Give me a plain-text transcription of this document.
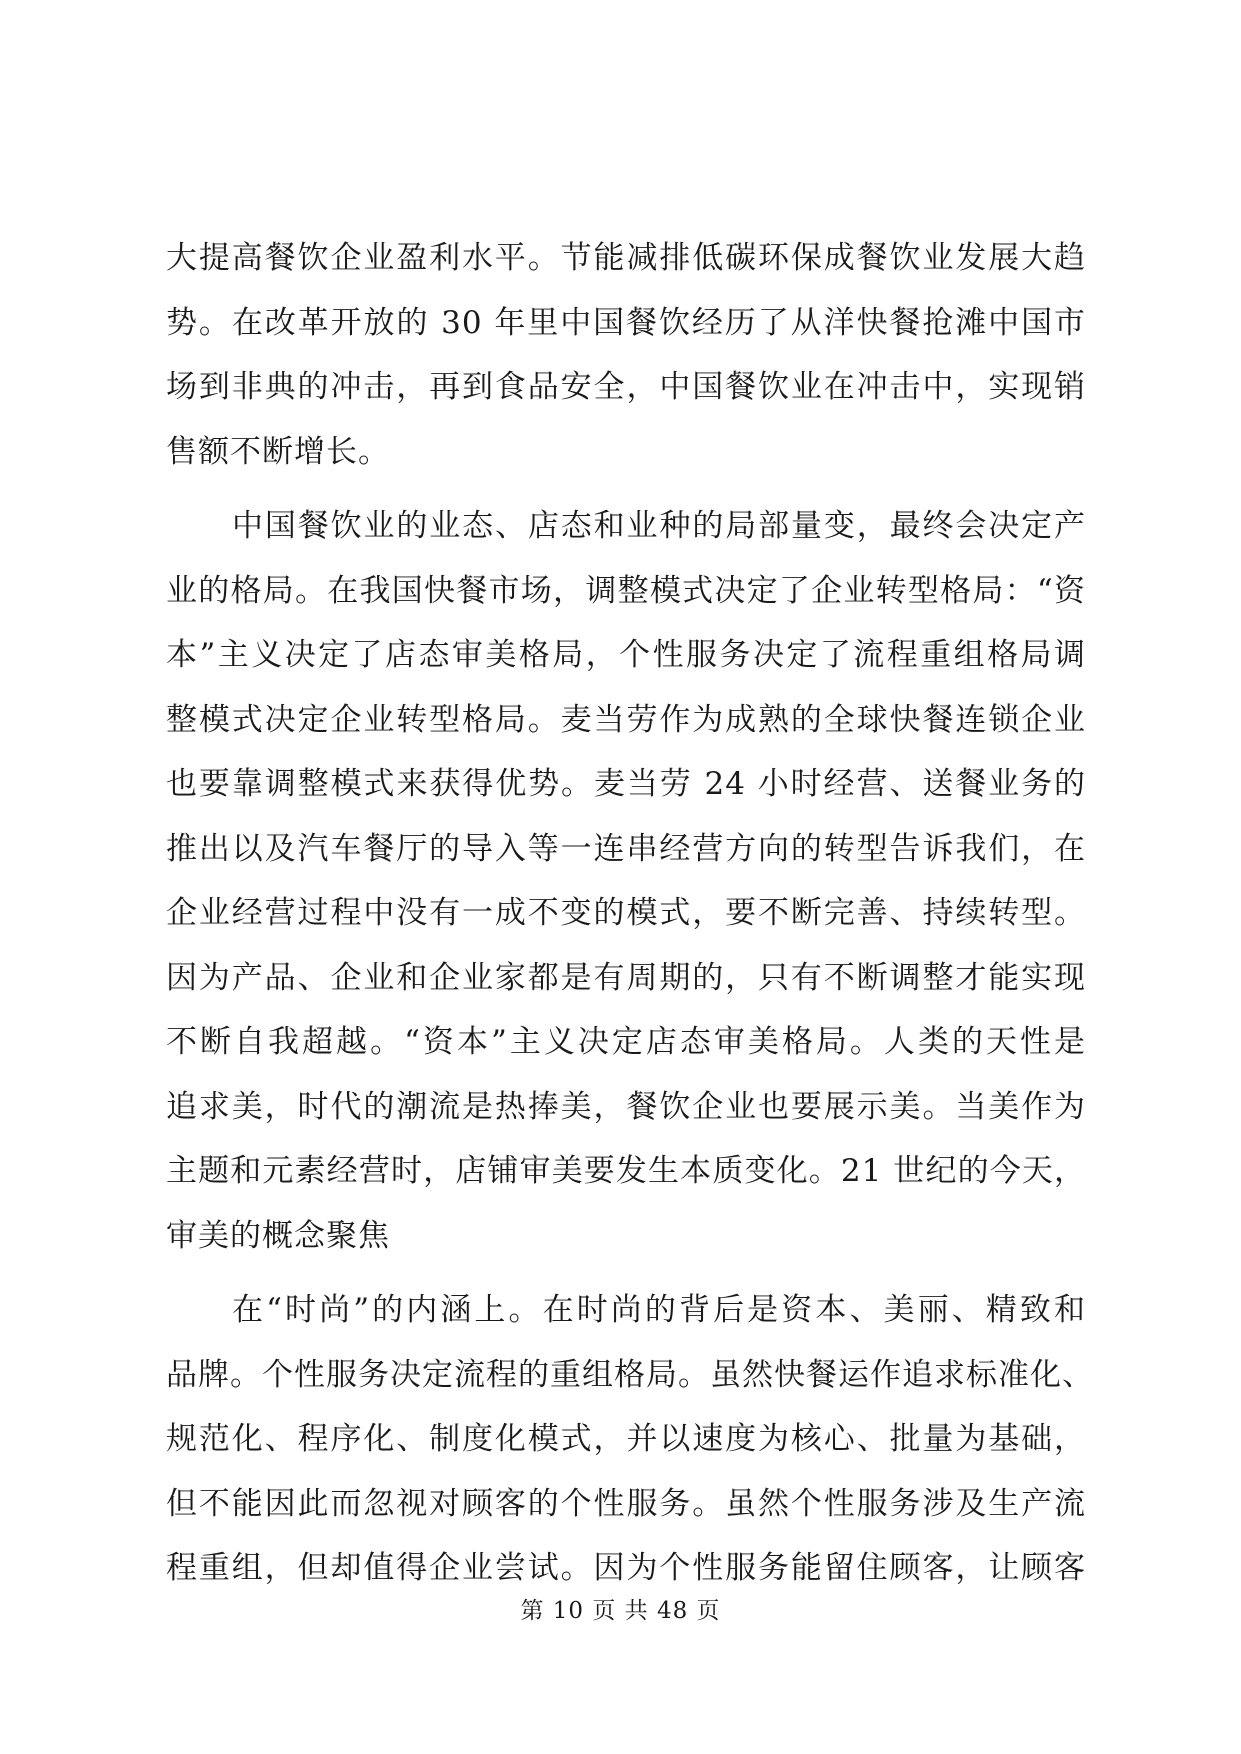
大提高餐饮企业盈利水平。节能减排低碳环保成餐饮业发展大趋
势。在改革开放的 30 年里中国餐饮经历了从洋快餐抢滩中国市
场到非典的冲击，再到食品安全，中国餐饮业在冲击中，实现销
售额不断增长。
中国餐饮业的业态、店态和业种的局部量变，最终会决定产
业的格局。在我国快餐市场，调整模式决定了企业转型格局：“资
本”主义决定了店态审美格局，个性服务决定了流程重组格局调
整模式决定企业转型格局。麦当劳作为成熟的全球快餐连锁企业
也要靠调整模式来获得优势。麦当劳 24 小时经营、送餐业务的
推出以及汽车餐厅的导入等一连串经营方向的转型告诉我们，在
企业经营过程中没有一成不变的模式，要不断完善、持续转型。
因为产品、企业和企业家都是有周期的，只有不断调整才能实现
不断自我超越。“资本”主义决定店态审美格局。人类的天性是
追求美，时代的潮流是热捧美，餐饮企业也要展示美。当美作为
主题和元素经营时，店铺审美要发生本质变化。21 世纪的今天，
审美的概念聚焦
在“时尚”的内涵上。在时尚的背后是资本、美丽、精致和
品牌。个性服务决定流程的重组格局。虽然快餐运作追求标准化、
规范化、程序化、制度化模式，并以速度为核心、批量为基础，
但不能因此而忽视对顾客的个性服务。虽然个性服务涉及生产流
程重组，但却值得企业尝试。因为个性服务能留住顾客，让顾客
第 10 页 共 48 页
